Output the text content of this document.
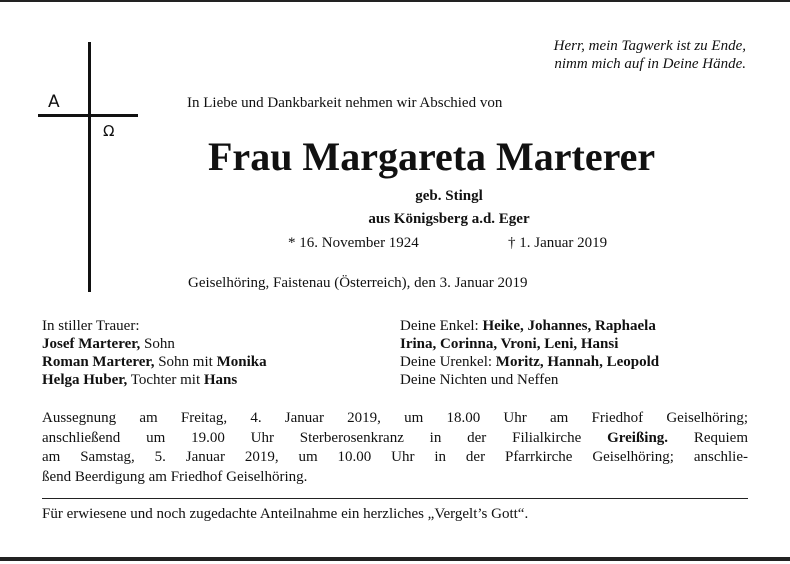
A
Ω
Herr, mein Tagwerk ist zu Ende,
nimm mich auf in Deine Hände.
In Liebe und Dankbarkeit nehmen wir Abschied von
Frau Margareta Marterer
geb. Stingl
aus Königsberg a.d. Eger
* 16. November 1924	† 1. Januar 2019
Geiselhöring, Faistenau (Österreich), den 3. Januar 2019
In stiller Trauer:
Josef Marterer, Sohn
Roman Marterer, Sohn mit Monika
Helga Huber, Tochter mit Hans
Deine Enkel: Heike, Johannes, Raphaela
Irina, Corinna, Vroni, Leni, Hansi
Deine Urenkel: Moritz, Hannah, Leopold
Deine Nichten und Neffen
Aussegnung am Freitag, 4. Januar 2019, um 18.00 Uhr am Friedhof Geiselhöring;
anschließend um 19.00 Uhr Sterberosenkranz in der Filialkirche Greißing. Requiem
am Samstag, 5. Januar 2019, um 10.00 Uhr in der Pfarrkirche Geiselhöring; anschlie-
ßend Beerdigung am Friedhof Geiselhöring.
Für erwiesene und noch zugedachte Anteilnahme ein herzliches „Vergelt’s Gott“.
